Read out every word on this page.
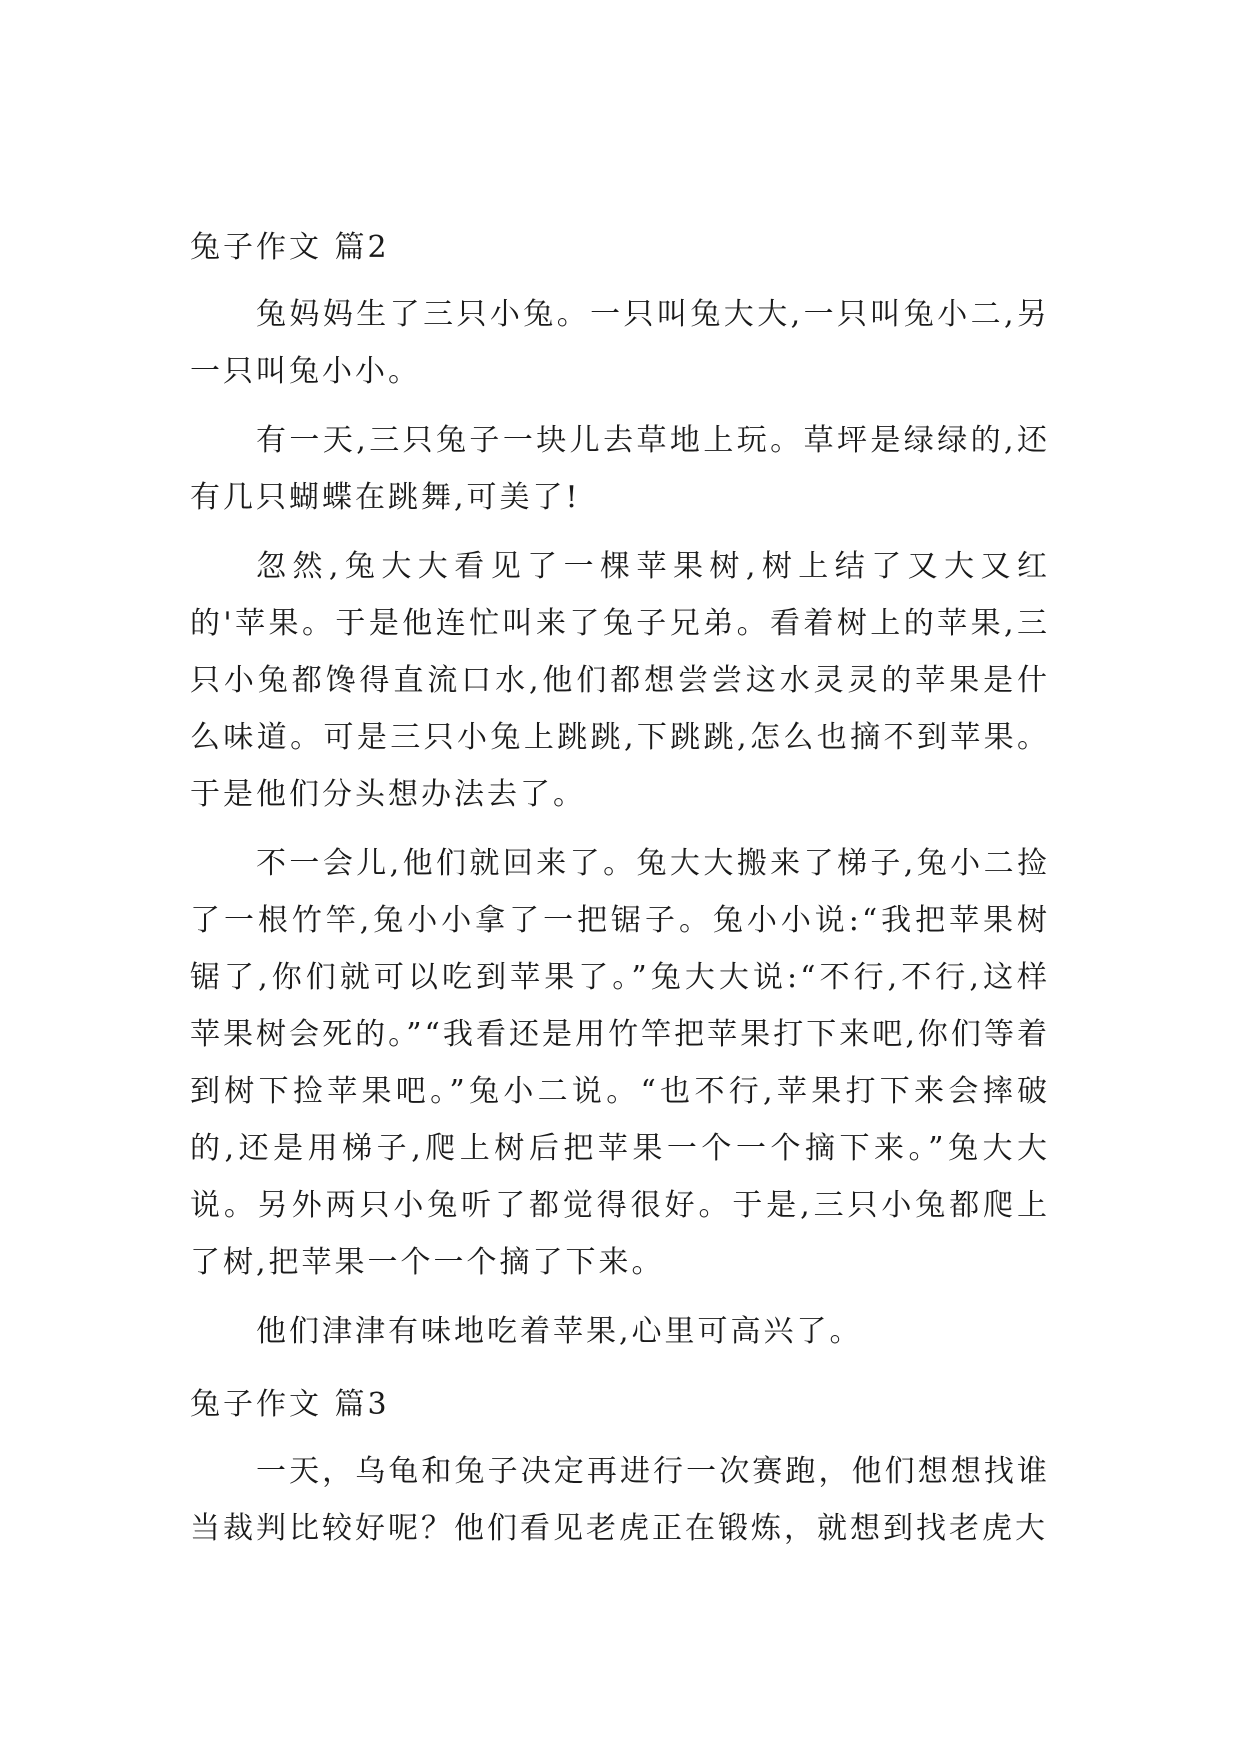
兔子作文 篇2

兔妈妈生了三只小兔。一只叫兔大大,一只叫兔小二,另一只叫兔小小。

有一天,三只兔子一块儿去草地上玩。草坪是绿绿的,还有几只蝴蝶在跳舞,可美了!

忽然,兔大大看见了一棵苹果树,树上结了又大又红的'苹果。于是他连忙叫来了兔子兄弟。看着树上的苹果,三只小兔都馋得直流口水,他们都想尝尝这水灵灵的苹果是什么味道。可是三只小兔上跳跳,下跳跳,怎么也摘不到苹果。于是他们分头想办法去了。

不一会儿,他们就回来了。兔大大搬来了梯子,兔小二捡了一根竹竿,兔小小拿了一把锯子。兔小小说:“我把苹果树锯了,你们就可以吃到苹果了。”兔大大说:“不行,不行,这样苹果树会死的。”“我看还是用竹竿把苹果打下来吧,你们等着到树下捡苹果吧。”兔小二说。“也不行,苹果打下来会摔破的,还是用梯子,爬上树后把苹果一个一个摘下来。”兔大大说。另外两只小兔听了都觉得很好。于是,三只小兔都爬上了树,把苹果一个一个摘了下来。

他们津津有味地吃着苹果,心里可高兴了。

兔子作文 篇3

一天，乌龟和兔子决定再进行一次赛跑，他们想想找谁当裁判比较好呢？他们看见老虎正在锻炼，就想到找老虎大
